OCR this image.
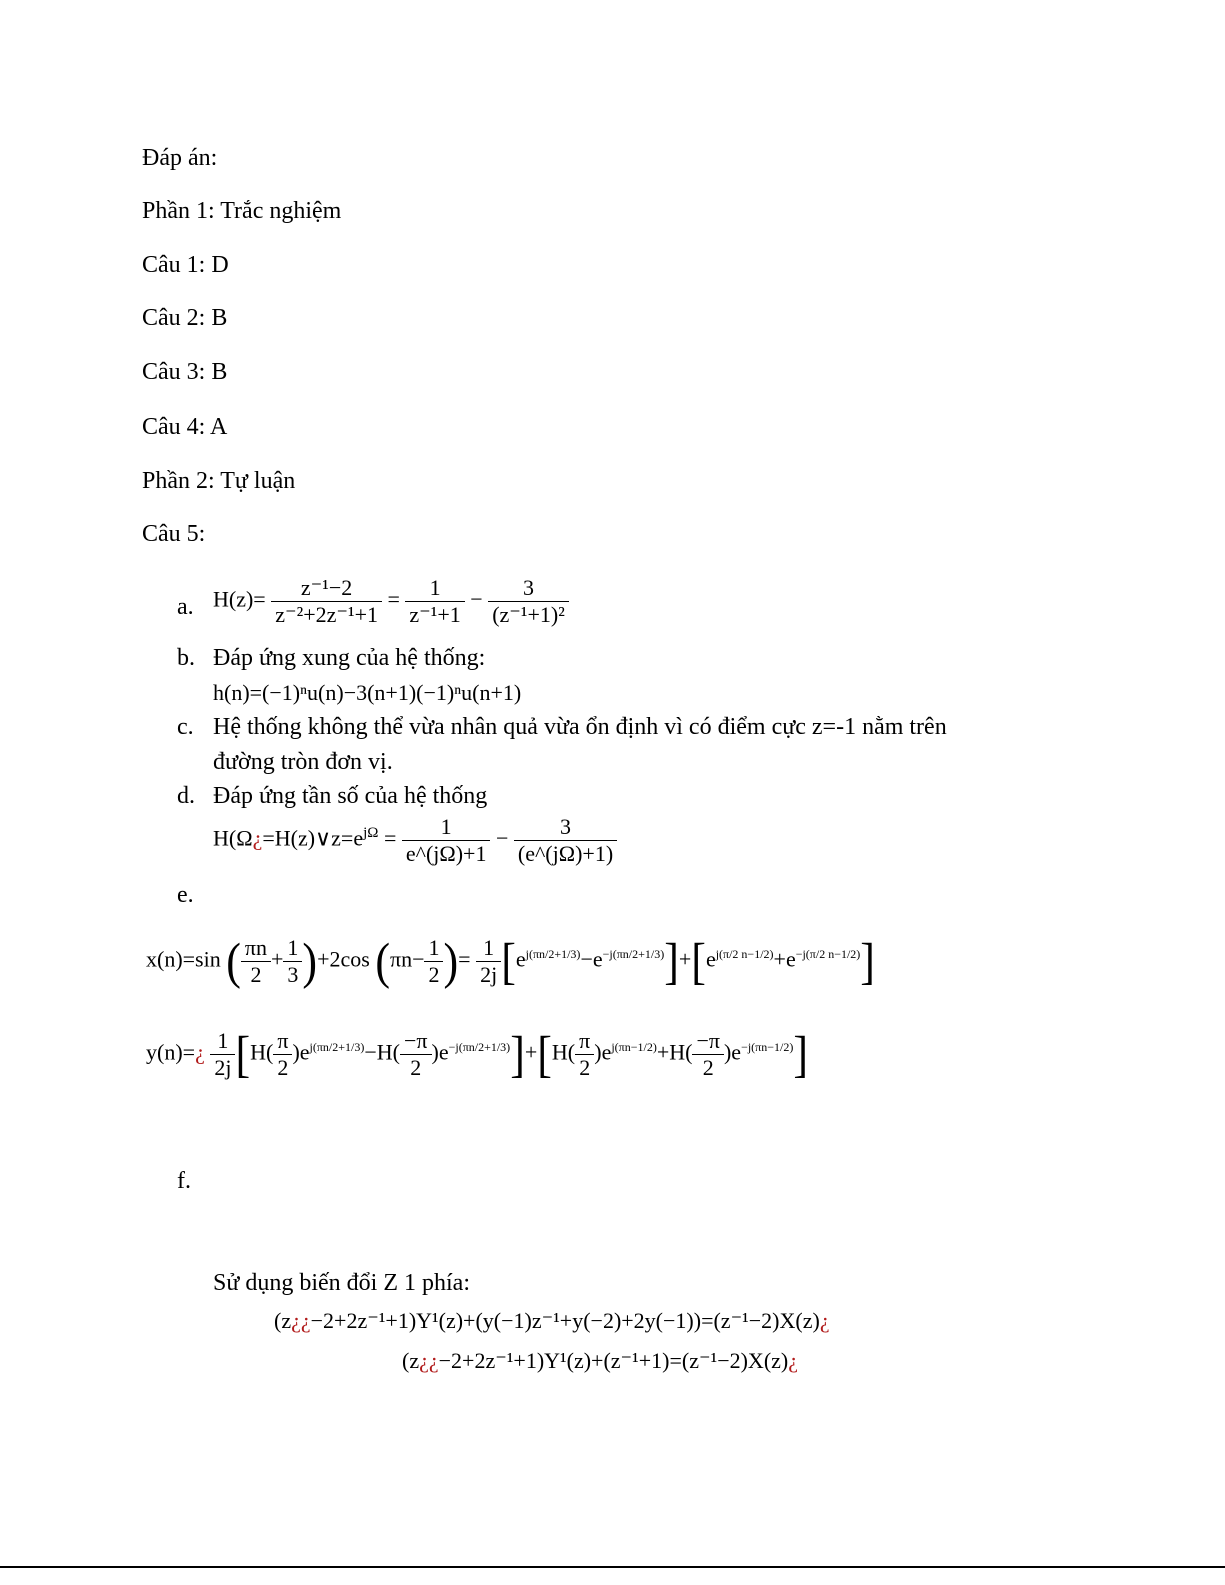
Đáp án:
Phần 1: Trắc nghiệm
Câu 1: D
Câu 2: B
Câu 3: B
Câu 4: A
Phần 2: Tự luận
Câu 5:
a. $H(z)= \frac{\text{z⁻¹−2}}{\text{z⁻²+2z⁻¹+1}} = \frac{1}{\text{z⁻¹+1}} - \frac{3}{\text{(z⁻¹+1)²}}$
b. Đáp ứng xung của hệ thống:
h(n)=(−1)ⁿu(n)−3(n+1)(−1)ⁿu(n+1)
c. Hệ thống không thể vừa nhân quả vừa ổn định vì có điểm cực z=-1 nằm trên
đường tròn đơn vị.
d. Đáp ứng tần số của hệ thống
$H(\Omega¿=H(z)\vee z=e^{j\Omega} = \frac{1}{e\^{}(j\Omega)+1} - \frac{3}{(e\^{}(j\Omega)+1)}$
e.
x(n)=sin ( $\frac{\pi n}{2} + \frac{1}{3} )+2\cos$ ($\pi n- \frac{1}{2}$ )= $\frac{1}{2j} [e^{j(\pi n/2+1/3)}-e^{-j(\pi n/2+1/3)}]+[e^{j(\pi/2 n-1/2)}+e^{-j(\pi/2 n-1/2)}]$
y(n)=¿ $\frac{1}{2j} [H( \frac{\pi}{2} )e^{j(\pi n/2+1/3)}-H( \frac{-\pi}{2} )e^{-j(\pi n/2+1/3)}]+[H( \frac{\pi}{2} )e^{j(\pi n-1/2)}+H( \frac{-\pi}{2} )e^{-j(\pi n-1/2)}]$
f.
Sử dụng biến đổi Z 1 phía:
(z¿¿−2+2z⁻¹+1)Y¹(z)+(y(−1)z⁻¹+y(−2)+2y(−1))=(z⁻¹−2)X(z)¿
(z¿¿−2+2z⁻¹+1)Y¹(z)+(z⁻¹+1)=(z⁻¹−2)X(z)¿
